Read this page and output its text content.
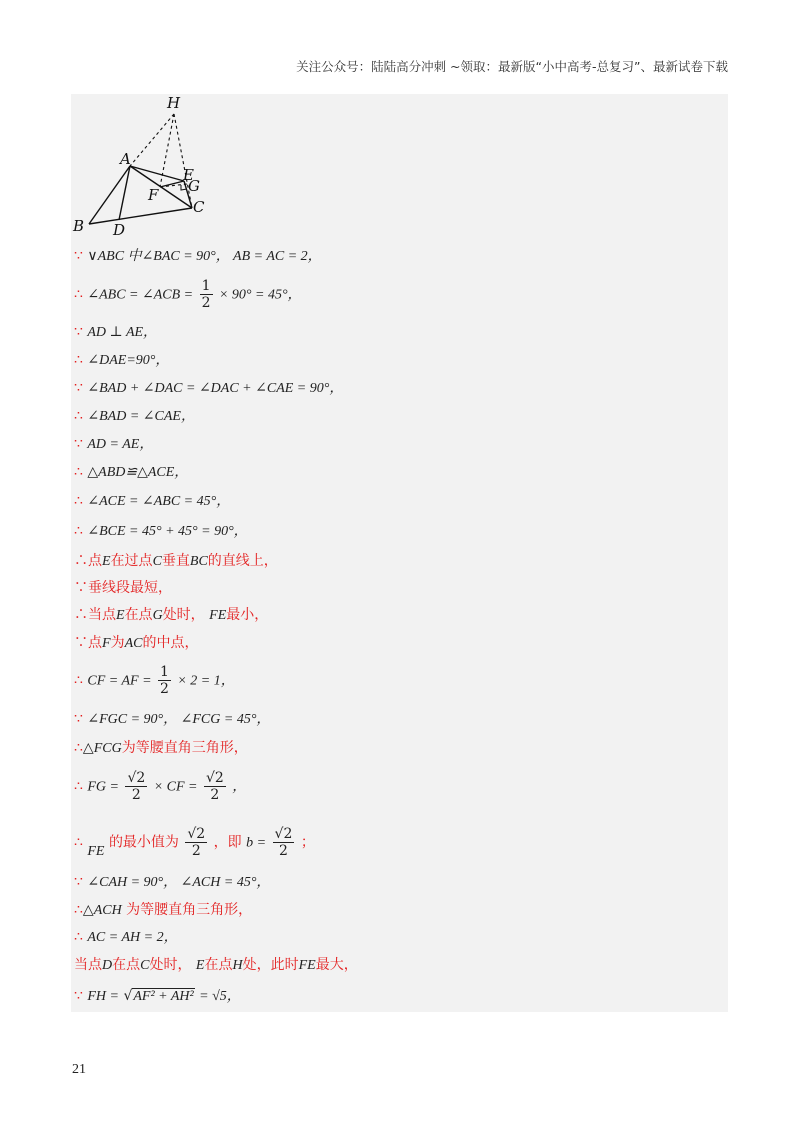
关注公众号：陆陆高分冲刺 ~领取：最新版“小中高考-总复习”、最新试卷下载
H
A
E
F G
C
B D
∵ ∨ABC 中∠BAC = 90°， AB = AC = 2，
∴ ∠ABC = ∠ACB = $\frac{1}{2} \times 90^\circ = 45^\circ$，
∵ AD ⊥ AE，
∴ ∠DAE=90°，
∵ ∠BAD + ∠DAC = ∠DAC + ∠CAE = 90°，
∴ ∠BAD = ∠CAE，
∵ AD = AE，
∴ △ABD≌△ACE，
∴ ∠ACE = ∠ABC = 45°，
∴ ∠BCE = 45° + 45° = 90°，
∴点E在过点C垂直BC的直线上，
∵垂线段最短，
∴当点E在点G处时， FE最小，
∵点F为AC的中点，
∴ CF = AF = $\frac{1}{2} \times 2 = 1$，
∵ ∠FGC = 90°， ∠FCG = 45°，
∴△FCG为等腰直角三角形，
∴ FG = $\frac{√2}{2}$ × CF = $\frac{√2}{2}$ ，
∴ FE 的最小值为 $\frac{√2}{2}$ ，即 $b = \frac{√2}{2}$ ；
∵ ∠CAH = 90°， ∠ACH = 45°，
∴△ACH 为等腰直角三角形，
∴ AC = AH = 2，
当点D在点C处时， E在点H处，此时FE最大，
∵ FH = √AF² + AH² = √5，
21
